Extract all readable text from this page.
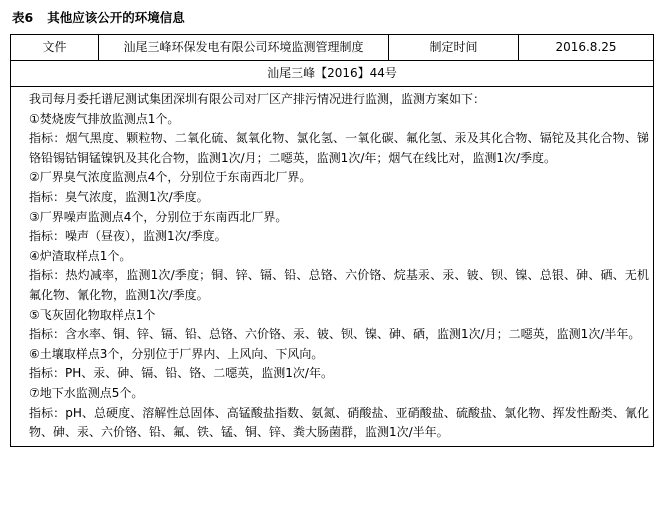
表6 其他应该公开的环境信息
文件	汕尾三峰环保发电有限公司环境监测管理制度	制定时间	2016.8.25
汕尾三峰【2016】44号

我司每月委托谱尼测试集团深圳有限公司对厂区产排污情况进行监测，监测方案如下：

①焚烧废气排放监测点1个。

指标：烟气黑度、颗粒物、二氧化硫、氮氧化物、氯化氢、一氧化碳、氟化氢、汞及其化合物、镉铊及其化合物、锑铬铅锡钴铜锰镍钒及其化合物，监测1次/月；二噁英，监测1次/年；烟气在线比对，监测1次/季度。

②厂界臭气浓度监测点4个，分别位于东南西北厂界。

指标：臭气浓度，监测1次/季度。

③厂界噪声监测点4个，分别位于东南西北厂界。

指标：噪声（昼夜），监测1次/季度。

④炉渣取样点1个。

指标：热灼减率，监测1次/季度；铜、锌、镉、铅、总铬、六价铬、烷基汞、汞、铍、钡、镍、总银、砷、硒、无机氟化物、氰化物，监测1次/季度。

⑤飞灰固化物取样点1个

指标：含水率、铜、锌、镉、铅、总铬、六价铬、汞、铍、钡、镍、砷、硒，监测1次/月；二噁英，监测1次/半年。

⑥土壤取样点3个，分别位于厂界内、上风向、下风向。

指标：PH、汞、砷、镉、铅、铬、二噁英，监测1次/年。

⑦地下水监测点5个。

指标：pH、总硬度、溶解性总固体、高锰酸盐指数、氨氮、硝酸盐、亚硝酸盐、硫酸盐、氯化物、挥发性酚类、氰化物、砷、汞、六价铬、铅、氟、铁、锰、铜、锌、粪大肠菌群，监测1次/半年。
